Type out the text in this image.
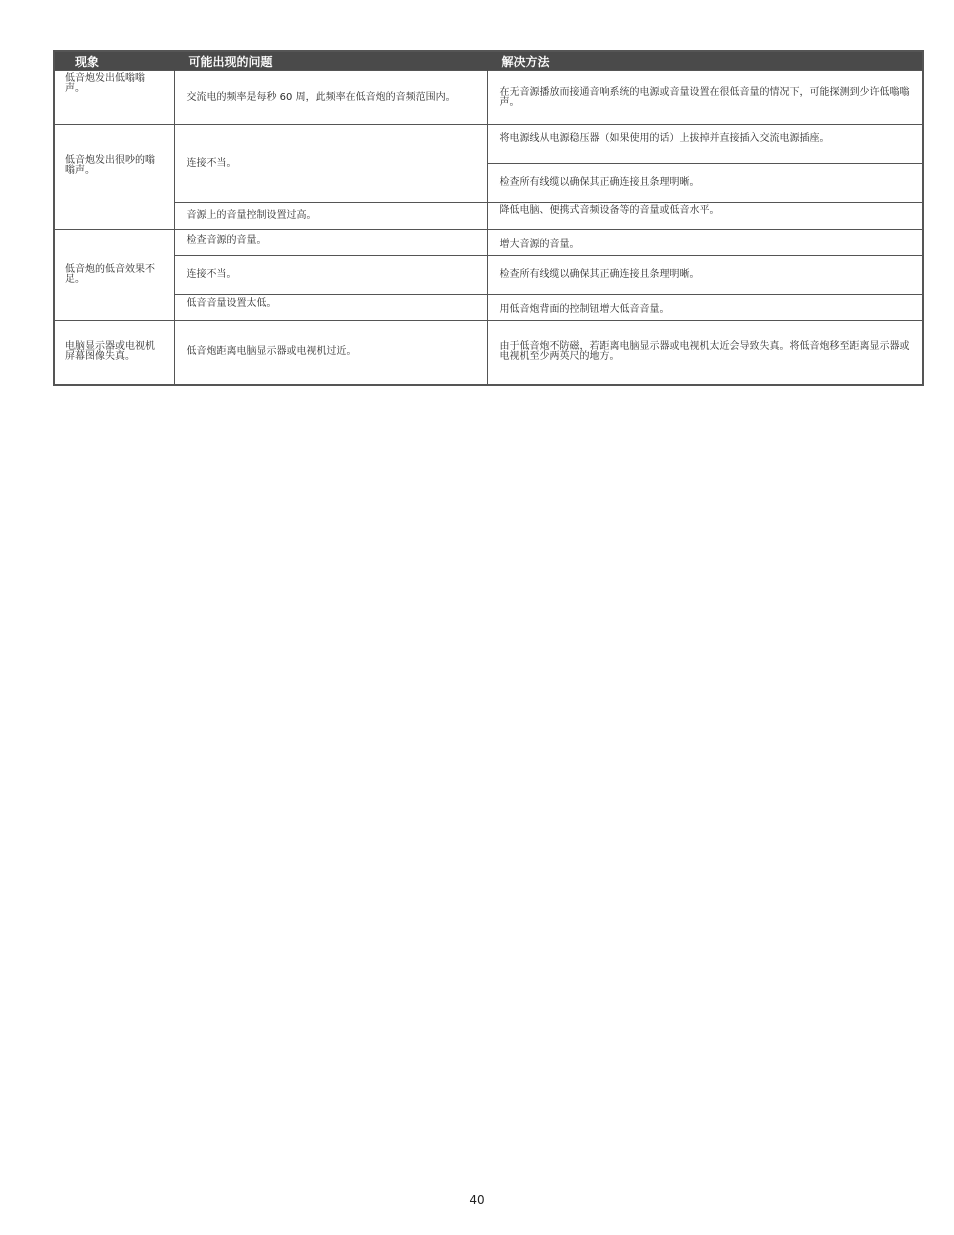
现象	可能出现的问题	解决方法
低音炮发出低嗡嗡声。	交流电的频率是每秒 60 周，此频率在低音炮的音频范围内。	在无音源播放而接通音响系统的电源或音量设置在很低音量的情况下，可能探测到少许低嗡嗡声。
低音炮发出很吵的嗡嗡声。	连接不当。	将电源线从电源稳压器（如果使用的话）上拔掉并直接插入交流电源插座。
		检查所有线缆以确保其正确连接且条理明晰。
	音源上的音量控制设置过高。	降低电脑、便携式音频设备等的音量或低音水平。
低音炮的低音效果不足。	检查音源的音量。	增大音源的音量。
	连接不当。	检查所有线缆以确保其正确连接且条理明晰。
	低音音量设置太低。	用低音炮背面的控制钮增大低音音量。
电脑显示器或电视机屏幕图像失真。	低音炮距离电脑显示器或电视机过近。	由于低音炮不防磁，若距离电脑显示器或电视机太近会导致失真。将低音炮移至距离显示器或电视机至少两英尺的地方。
40
